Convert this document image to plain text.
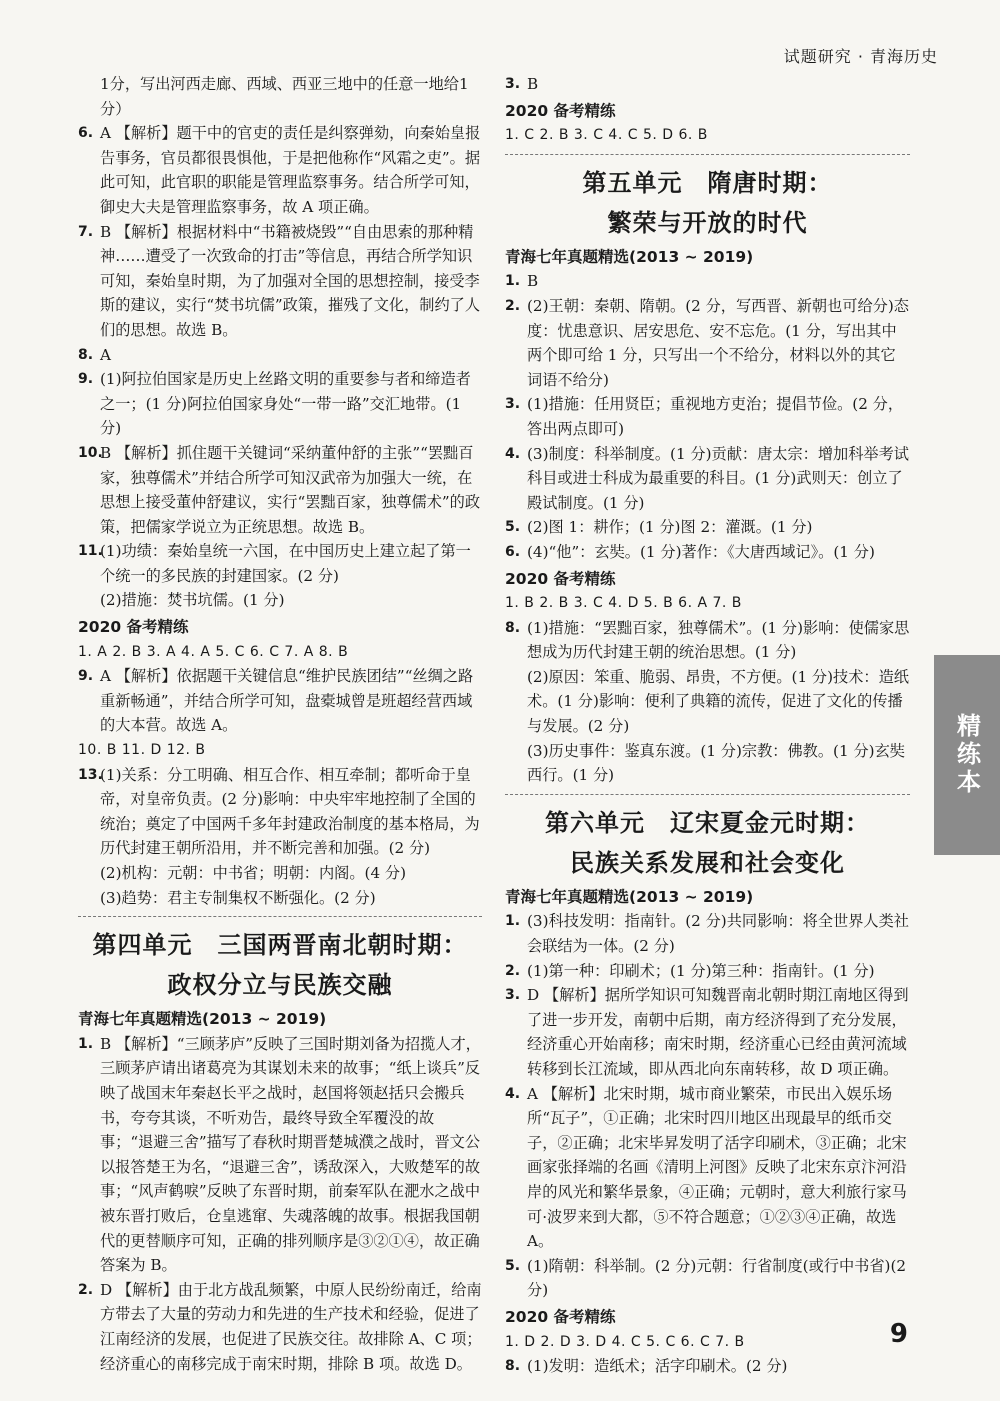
试题研究 · 青海历史
1分，写出河西走廊、西域、西亚三地中的任意一地给1分）
6. A 【解析】题干中的官吏的责任是纠察弹劾，向秦始皇报告事务，官员都很畏惧他，于是把他称作“风霜之吏”。据此可知，此官职的职能是管理监察事务。结合所学可知，御史大夫是管理监察事务，故 A 项正确。
7. B 【解析】根据材料中“书籍被烧毁”“自由思索的那种精神……遭受了一次致命的打击”等信息，再结合所学知识可知，秦始皇时期，为了加强对全国的思想控制，接受李斯的建议，实行“焚书坑儒”政策，摧残了文化，制约了人们的思想。故选 B。
8. A
9. (1)阿拉伯国家是历史上丝路文明的重要参与者和缔造者之一；(1 分)阿拉伯国家身处“一带一路”交汇地带。(1 分)
10.
B 【解析】抓住题干关键词“采纳董仲舒的主张”“罢黜百家，独尊儒术”并结合所学可知汉武帝为加强大一统，在思想上接受董仲舒建议，实行“罢黜百家，独尊儒术”的政策，把儒家学说立为正统思想。故选 B。
11.
(1)功绩：秦始皇统一六国，在中国历史上建立起了第一个统一的多民族的封建国家。(2 分)
(2)措施：焚书坑儒。(1 分)
2020 备考精练
1. A 2. B 3. A 4. A 5. C 6. C 7. A 8. B
9. A 【解析】依据题干关键信息“维护民族团结”“丝绸之路重新畅通”，并结合所学可知，盘橐城曾是班超经营西域的大本营。故选 A。
10. B 11. D 12. B
13.
(1)关系：分工明确、相互合作、相互牵制；都听命于皇帝，对皇帝负责。(2 分)影响：中央牢牢地控制了全国的统治；奠定了中国两千多年封建政治制度的基本格局，为历代封建王朝所沿用，并不断完善和加强。(2 分)
(2)机构：元朝：中书省；明朝：内阁。(4 分)
(3)趋势：君主专制集权不断强化。(2 分)
第四单元　三国两晋南北朝时期：
政权分立与民族交融
青海七年真题精选(2013 ~ 2019)
1. B 【解析】“三顾茅庐”反映了三国时期刘备为招揽人才，三顾茅庐请出诸葛亮为其谋划未来的故事；“纸上谈兵”反映了战国末年秦赵长平之战时，赵国将领赵括只会搬兵书，夸夸其谈，不听劝告，最终导致全军覆没的故事；“退避三舍”描写了春秋时期晋楚城濮之战时，晋文公以报答楚王为名，“退避三舍”，诱敌深入，大败楚军的故事；“风声鹤唳”反映了东晋时期，前秦军队在淝水之战中被东晋打败后，仓皇逃窜、失魂落魄的故事。根据我国朝代的更替顺序可知，正确的排列顺序是③②①④，故正确答案为 B。
2. D 【解析】由于北方战乱频繁，中原人民纷纷南迁，给南方带去了大量的劳动力和先进的生产技术和经验，促进了江南经济的发展，也促进了民族交往。故排除 A、C 项；经济重心的南移完成于南宋时期，排除 B 项。故选 D。
3. B
2020 备考精练
1. C 2. B 3. C 4. C 5. D 6. B
第五单元　隋唐时期：
繁荣与开放的时代
青海七年真题精选(2013 ~ 2019)
1. B
2. (2)王朝：秦朝、隋朝。(2 分，写西晋、新朝也可给分)态度：忧患意识、居安思危、安不忘危。(1 分，写出其中两个即可给 1 分，只写出一个不给分，材料以外的其它词语不给分)
3. (1)措施：任用贤臣；重视地方吏治；提倡节俭。(2 分，答出两点即可)
4. (3)制度：科举制度。(1 分)贡献：唐太宗：增加科举考试科目或进士科成为最重要的科目。(1 分)武则天：创立了殿试制度。(1 分)
5. (2)图 1：耕作；(1 分)图 2：灌溉。(1 分)
6. (4)“他”：玄奘。(1 分)著作：《大唐西域记》。(1 分)
2020 备考精练
1. B 2. B 3. C 4. D 5. B 6. A 7. B
8. (1)措施：“罢黜百家，独尊儒术”。(1 分)影响：使儒家思想成为历代封建王朝的统治思想。(1 分)
(2)原因：笨重、脆弱、昂贵，不方便。(1 分)技术：造纸术。(1 分)影响：便利了典籍的流传，促进了文化的传播与发展。(2 分)
(3)历史事件：鉴真东渡。(1 分)宗教：佛教。(1 分)玄奘西行。(1 分)
第六单元　辽宋夏金元时期：
民族关系发展和社会变化
青海七年真题精选(2013 ~ 2019)
1. (3)科技发明：指南针。(2 分)共同影响：将全世界人类社会联结为一体。(2 分)
2. (1)第一种：印刷术；(1 分)第三种：指南针。(1 分)
3. D 【解析】据所学知识可知魏晋南北朝时期江南地区得到了进一步开发，南朝中后期，南方经济得到了充分发展，经济重心开始南移；南宋时期，经济重心已经由黄河流域转移到长江流域，即从西北向东南转移，故 D 项正确。
4. A 【解析】北宋时期，城市商业繁荣，市民出入娱乐场所“瓦子”，①正确；北宋时四川地区出现最早的纸币交子，②正确；北宋毕昇发明了活字印刷术，③正确；北宋画家张择端的名画《清明上河图》反映了北宋东京汴河沿岸的风光和繁华景象，④正确；元朝时，意大利旅行家马可·波罗来到大都，⑤不符合题意；①②③④正确，故选 A。
5. (1)隋朝：科举制。(2 分)元朝：行省制度(或行中书省)(2 分)
2020 备考精练
1. D 2. D 3. D 4. C 5. C 6. C 7. B
8. (1)发明：造纸术；活字印刷术。(2 分)
精练本
9
